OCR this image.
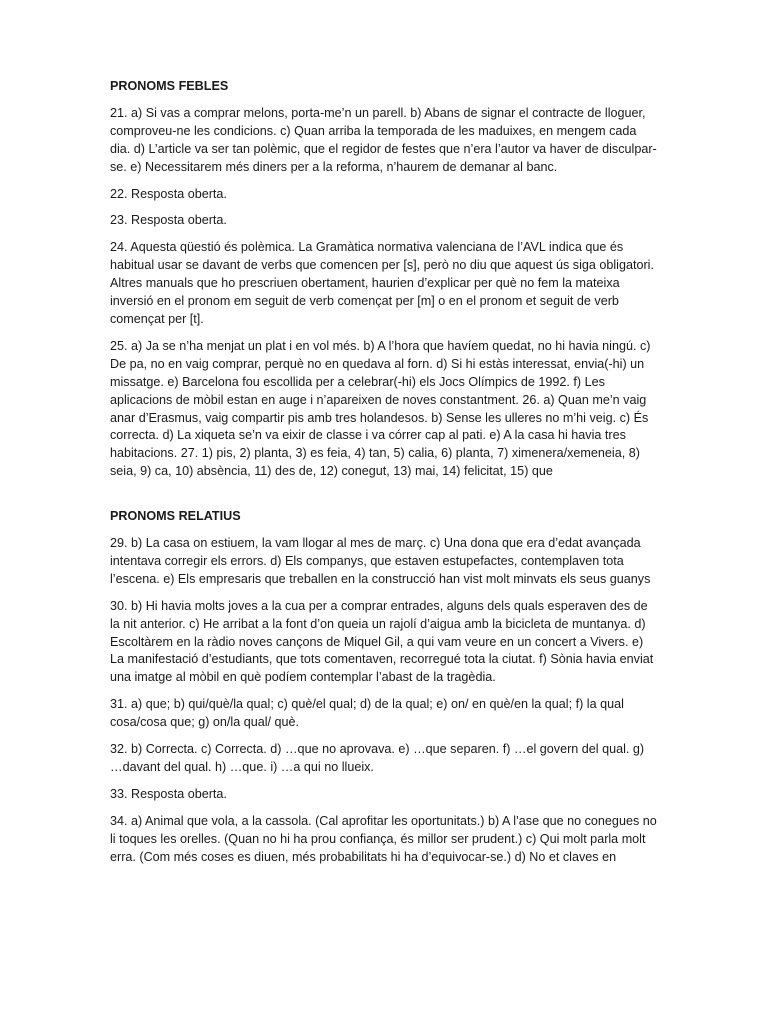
PRONOMS FEBLES

21. a) Si vas a comprar melons, porta-me’n un parell. b) Abans de signar el contracte de lloguer, comproveu-ne les condicions. c) Quan arriba la temporada de les maduixes, en mengem cada dia. d) L’article va ser tan polèmic, que el regidor de festes que n’era l’autor va haver de disculpar-se. e) Necessitarem més diners per a la reforma, n’haurem de demanar al banc.

22. Resposta oberta.

23. Resposta oberta.

24. Aquesta qüestió és polèmica. La Gramàtica normativa valenciana de l’AVL indica que és habitual usar se davant de verbs que comencen per [s], però no diu que aquest ús siga obligatori. Altres manuals que ho prescriuen obertament, haurien d’explicar per què no fem la mateixa inversió en el pronom em seguit de verb començat per [m] o en el pronom et seguit de verb començat per [t].

25. a) Ja se n’ha menjat un plat i en vol més. b) A l’hora que havíem quedat, no hi havia ningú. c) De pa, no en vaig comprar, perquè no en quedava al forn. d) Si hi estàs interessat, envia(-hi) un missatge. e) Barcelona fou escollida per a celebrar(-hi) els Jocs Olímpics de 1992. f) Les aplicacions de mòbil estan en auge i n’apareixen de noves constantment. 26. a) Quan me’n vaig anar d’Erasmus, vaig compartir pis amb tres holandesos. b) Sense les ulleres no m’hi veig. c) És correcta. d) La xiqueta se’n va eixir de classe i va córrer cap al pati. e) A la casa hi havia tres habitacions. 27. 1) pis, 2) planta, 3) es feia, 4) tan, 5) calia, 6) planta, 7) ximenera/xemeneia, 8) seia, 9) ca, 10) absència, 11) des de, 12) conegut, 13) mai, 14) felicitat, 15) que

PRONOMS RELATIUS

29. b) La casa on estiuem, la vam llogar al mes de març. c) Una dona que era d’edat avançada intentava corregir els errors. d) Els companys, que estaven estupefactes, contemplaven tota l’escena. e) Els empresaris que treballen en la construcció han vist molt minvats els seus guanys

30. b) Hi havia molts joves a la cua per a comprar entrades, alguns dels quals esperaven des de la nit anterior. c) He arribat a la font d’on queia un rajolí d’aigua amb la bicicleta de muntanya. d) Escoltàrem en la ràdio noves cançons de Miquel Gil, a qui vam veure en un concert a Vivers. e) La manifestació d’estudiants, que tots comentaven, recorregué tota la ciutat. f) Sònia havia enviat una imatge al mòbil en què podíem contemplar l’abast de la tragèdia.

31. a) que; b) qui/què/la qual; c) què/el qual; d) de la qual; e) on/ en què/en la qual; f) la qual cosa/cosa que; g) on/la qual/ què.

32. b) Correcta. c) Correcta. d) …que no aprovava. e) …que separen. f) …el govern del qual. g) …davant del qual. h) …que. i) …a qui no llueix.

33. Resposta oberta.

34. a) Animal que vola, a la cassola. (Cal aprofitar les oportunitats.) b) A l’ase que no conegues no li toques les orelles. (Quan no hi ha prou confiança, és millor ser prudent.) c) Qui molt parla molt erra. (Com més coses es diuen, més probabilitats hi ha d’equivocar-se.) d) No et claves en
